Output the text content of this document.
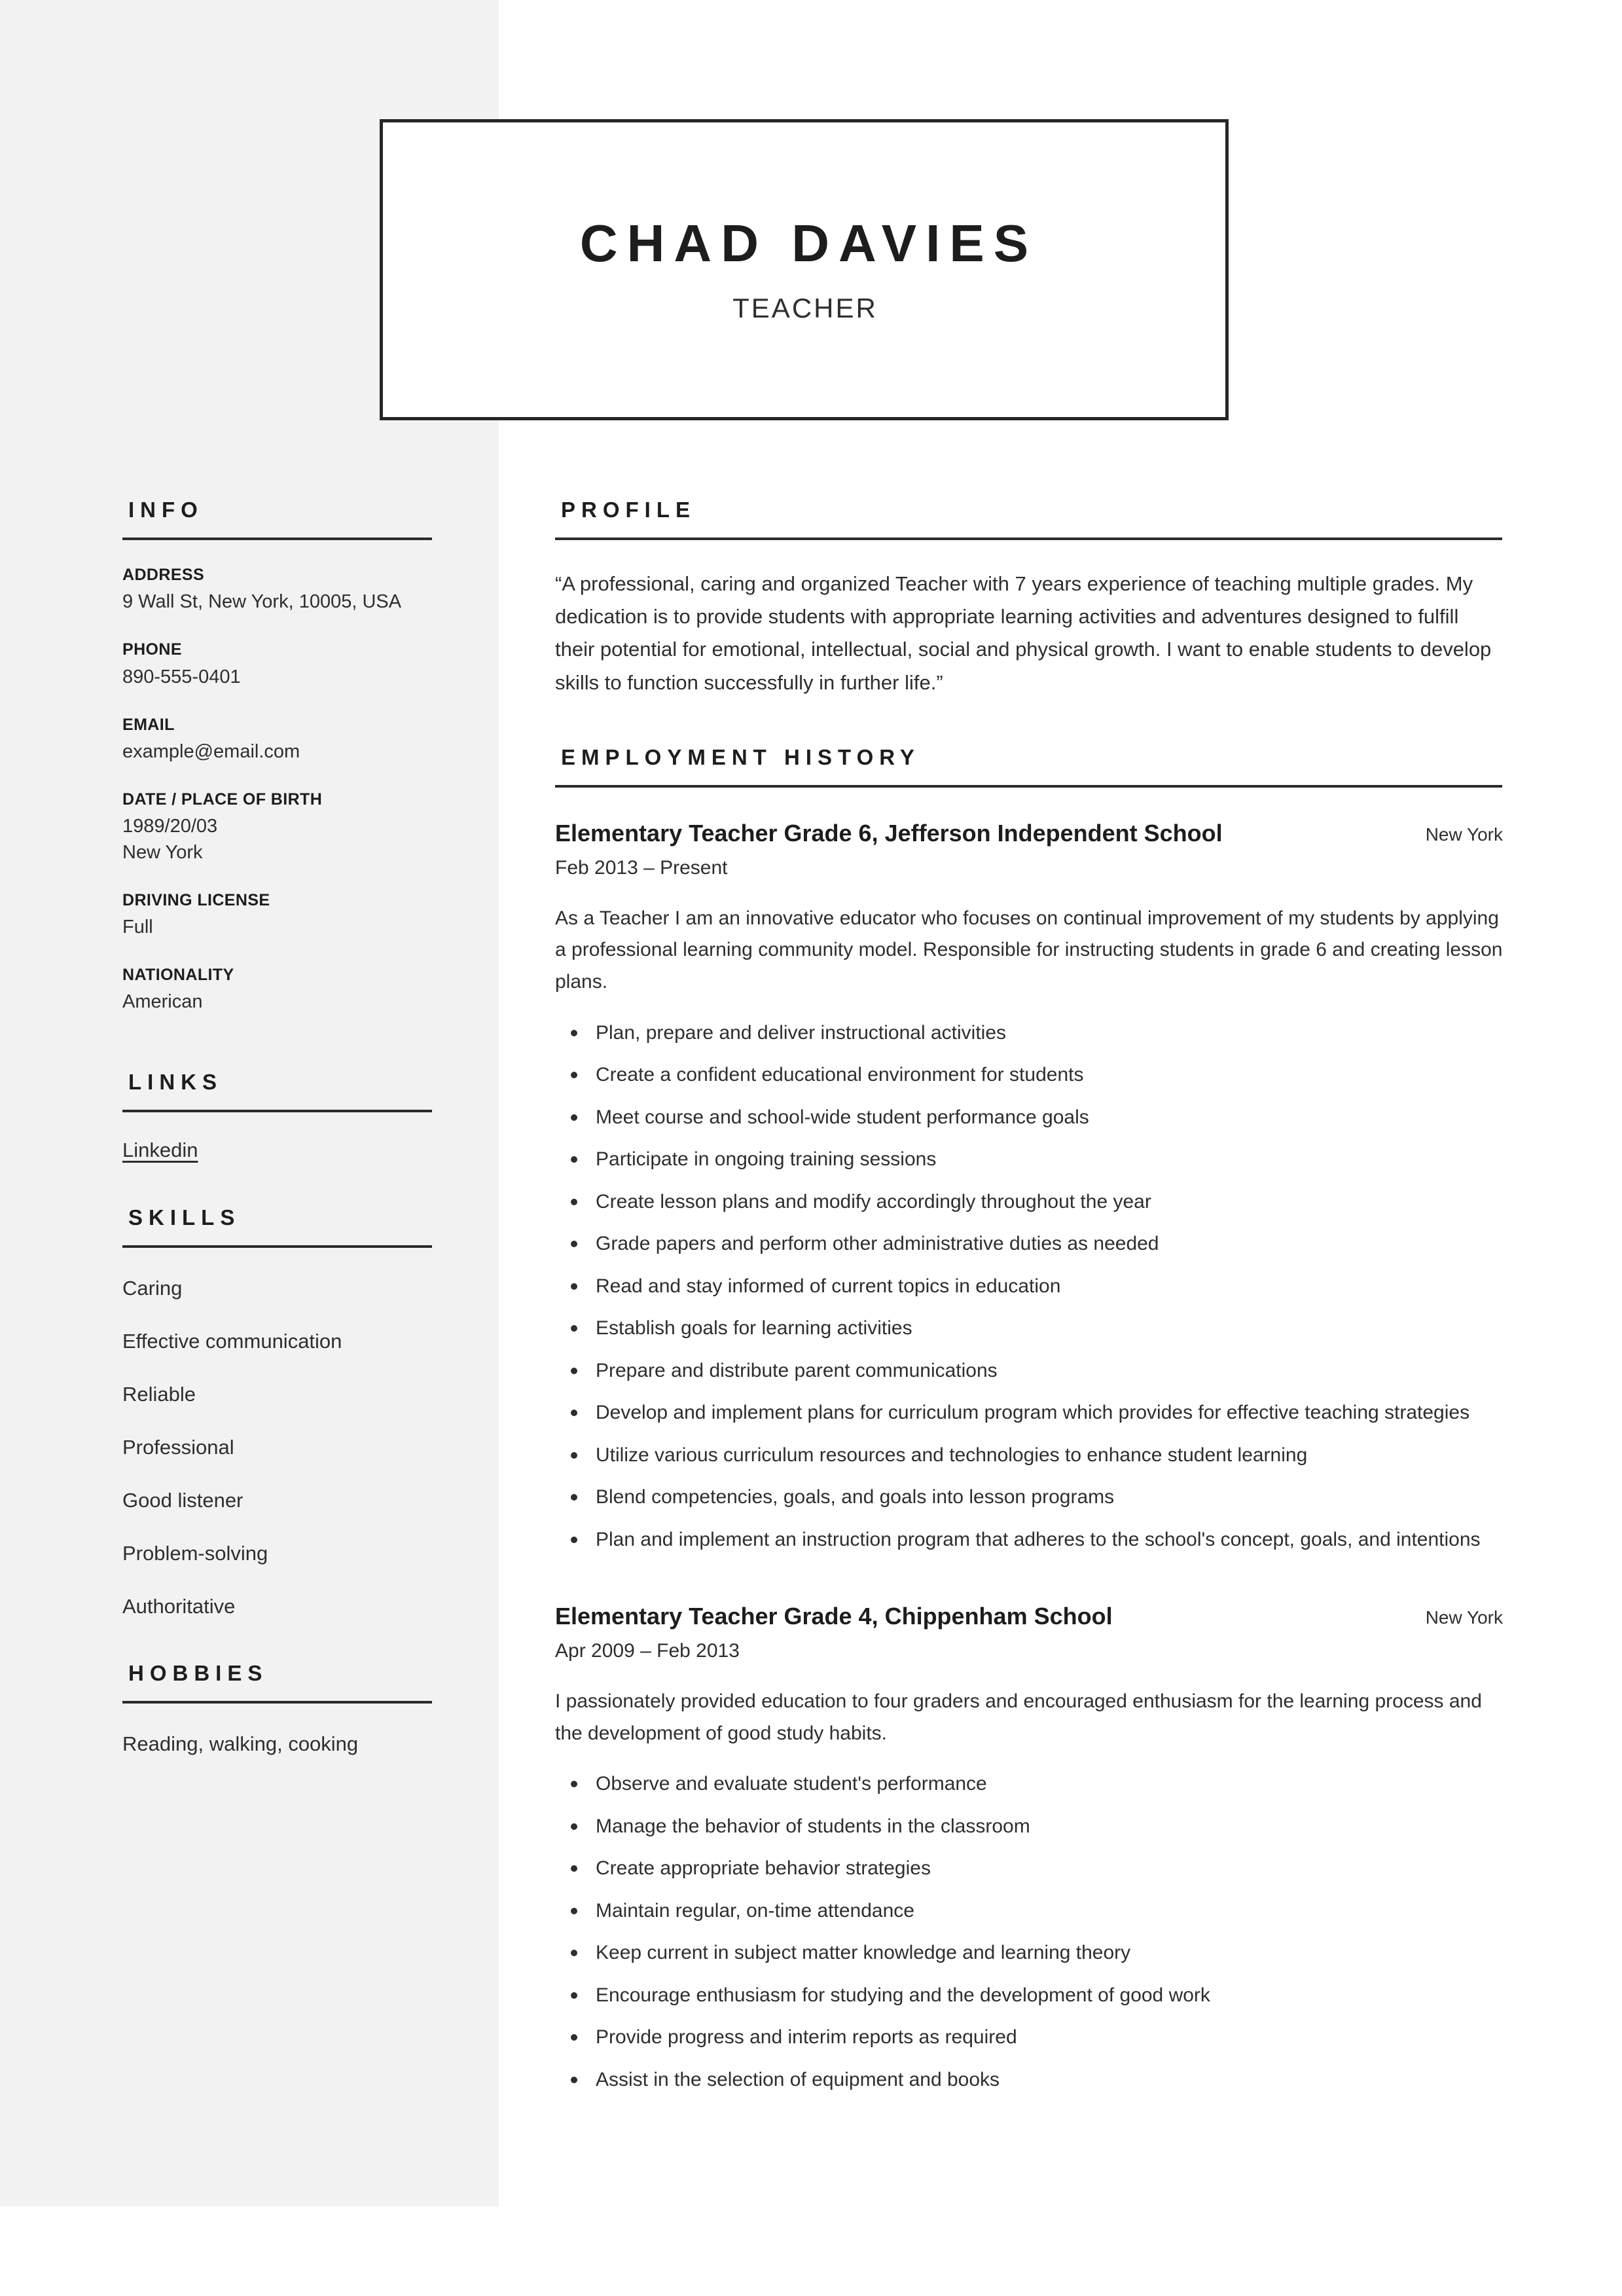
CHAD DAVIES
TEACHER
INFO
ADDRESS
9 Wall St, New York, 10005, USA
PHONE
890-555-0401
EMAIL
example@email.com
DATE / PLACE OF BIRTH
1989/20/03
New York
DRIVING LICENSE
Full
NATIONALITY
American
LINKS
Linkedin
SKILLS
Caring
Effective communication
Reliable
Professional
Good listener
Problem-solving
Authoritative
HOBBIES
Reading, walking, cooking
PROFILE

“A professional, caring and organized Teacher with 7 years experience of teaching multiple grades. My dedication is to provide students with appropriate learning activities and adventures designed to fulfill their potential for emotional, intellectual, social and physical growth. I want to enable students to develop skills to function successfully in further life.”

EMPLOYMENT HISTORY
Elementary Teacher Grade 6, Jefferson Independent School	New York
Feb 2013 – Present

As a Teacher I am an innovative educator who focuses on continual improvement of my students by applying a professional learning community model. Responsible for instructing students in grade 6 and creating lesson plans.

Plan, prepare and deliver instructional activities
Create a confident educational environment for students
Meet course and school-wide student performance goals
Participate in ongoing training sessions
Create lesson plans and modify accordingly throughout the year
Grade papers and perform other administrative duties as needed
Read and stay informed of current topics in education
Establish goals for learning activities
Prepare and distribute parent communications
Develop and implement plans for curriculum program which provides for effective teaching strategies
Utilize various curriculum resources and technologies to enhance student learning
Blend competencies, goals, and goals into lesson programs
Plan and implement an instruction program that adheres to the school's concept, goals, and intentions
Elementary Teacher Grade 4, Chippenham School	New York
Apr 2009 – Feb 2013

I passionately provided education to four graders and encouraged enthusiasm for the learning process and the development of good study habits.

Observe and evaluate student's performance
Manage the behavior of students in the classroom
Create appropriate behavior strategies
Maintain regular, on-time attendance
Keep current in subject matter knowledge and learning theory
Encourage enthusiasm for studying and the development of good work
Provide progress and interim reports as required
Assist in the selection of equipment and books
